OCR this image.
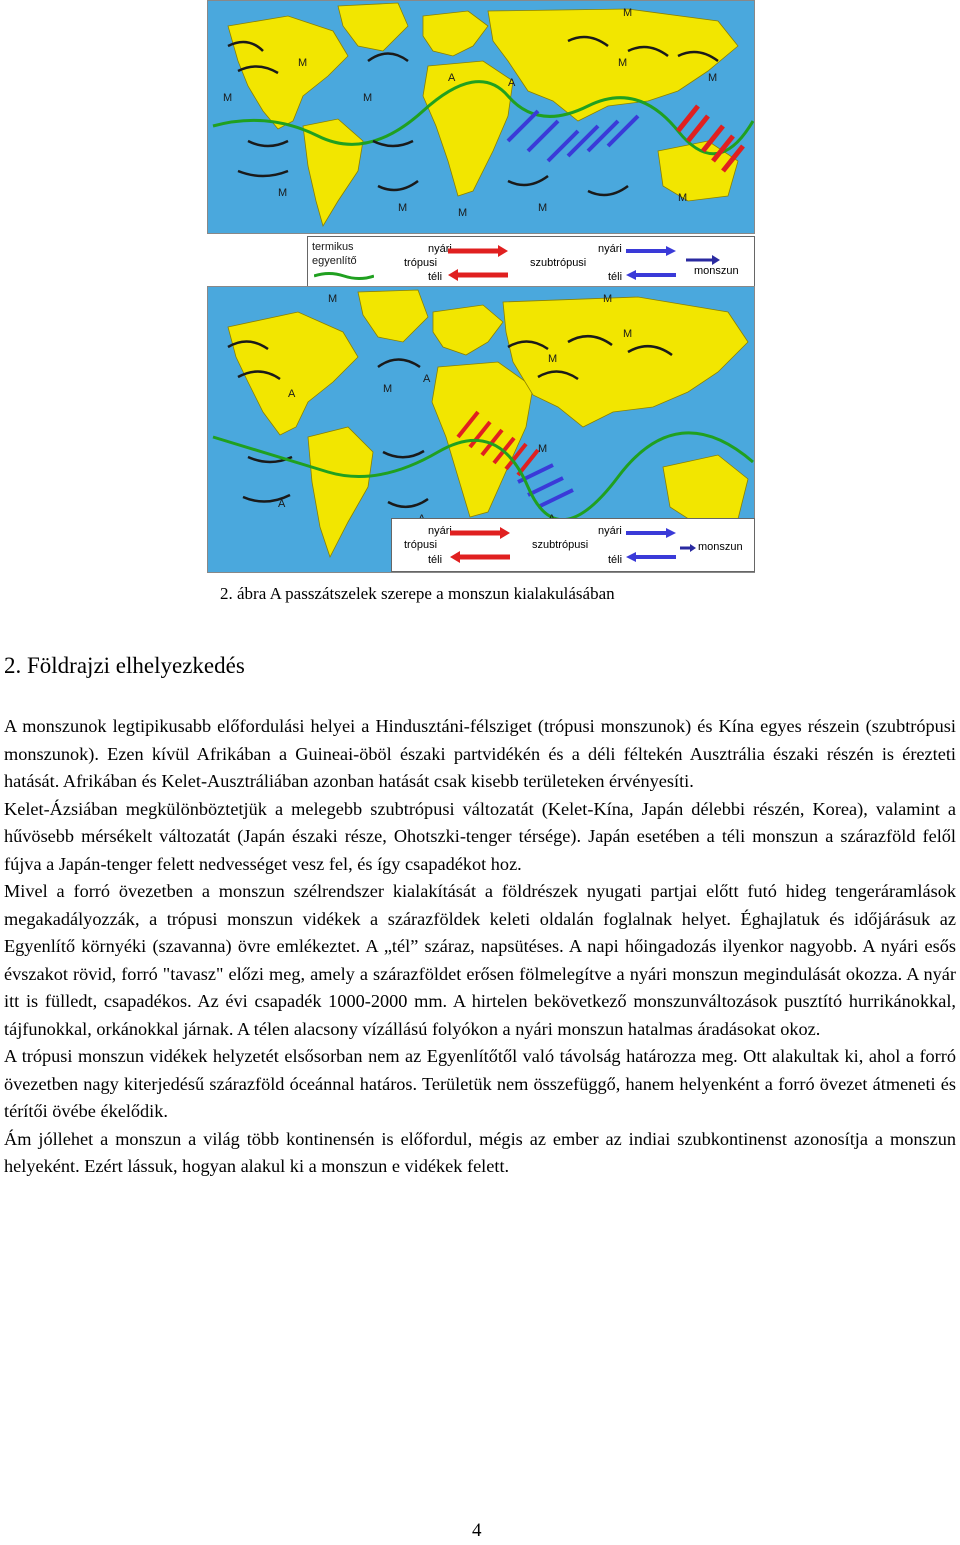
M
M
M
M	M	M
M
M
A	A
M
M
M
termikus
egyenlítő
nyári
trópusi
téli
nyári
szubtrópusi
téli	monszun
M	M
M
M
M
A
A
A
M
nyári
trópusi
téli
nyári
szubtrópusi
téli
monszun
2. ábra A passzátszelek szerepe a monszun kialakulásában
2. Földrajzi elhelyezkedés

A monszunok legtipikusabb előfordulási helyei a Hindusztáni-félsziget (trópusi monszunok) és Kína egyes részein (szubtrópusi monszunok). Ezen kívül Afrikában a Guineai-öböl északi partvidékén és a déli féltekén Ausztrália északi részén is érezteti hatását. Afrikában és Kelet-Ausztráliában azonban hatását csak kisebb területeken érvényesíti.

Kelet-Ázsiában megkülönböztetjük a melegebb szubtrópusi változatát (Kelet-Kína, Japán délebbi részén, Korea), valamint a hűvösebb mérsékelt változatát (Japán északi része, Ohotszki-tenger térsége). Japán esetében a téli monszun a szárazföld felől fújva a Japán-tenger felett nedvességet vesz fel, és így csapadékot hoz.

Mivel a forró övezetben a monszun szélrendszer kialakítását a földrészek nyugati partjai előtt futó hideg tengeráramlások megakadályozzák, a trópusi monszun vidékek a szárazföldek keleti oldalán foglalnak helyet. Éghajlatuk és időjárásuk az Egyenlítő környéki (szavanna) övre emlékeztet. A „tél” száraz, napsütéses. A napi hőingadozás ilyenkor nagyobb. A nyári esős évszakot rövid, forró "tavasz" előzi meg, amely a szárazföldet erősen fölmelegítve a nyári monszun megindulását okozza. A nyár itt is fülledt, csapadékos. Az évi csapadék 1000-2000 mm. A hirtelen bekövetkező monszunváltozások pusztító hurrikánokkal, tájfunokkal, orkánokkal járnak. A télen alacsony vízállású folyókon a nyári monszun hatalmas áradásokat okoz.

A trópusi monszun vidékek helyzetét elsősorban nem az Egyenlítőtől való távolság határozza meg. Ott alakultak ki, ahol a forró övezetben nagy kiterjedésű szárazföld óceánnal határos. Területük nem összefüggő, hanem helyenként a forró övezet átmeneti és térítői övébe ékelődik.

Ám jóllehet a monszun a világ több kontinensén is előfordul, mégis az ember az indiai szubkontinenst azonosítja a monszun helyeként. Ezért lássuk, hogyan alakul ki a monszun e vidékek felett.

4
